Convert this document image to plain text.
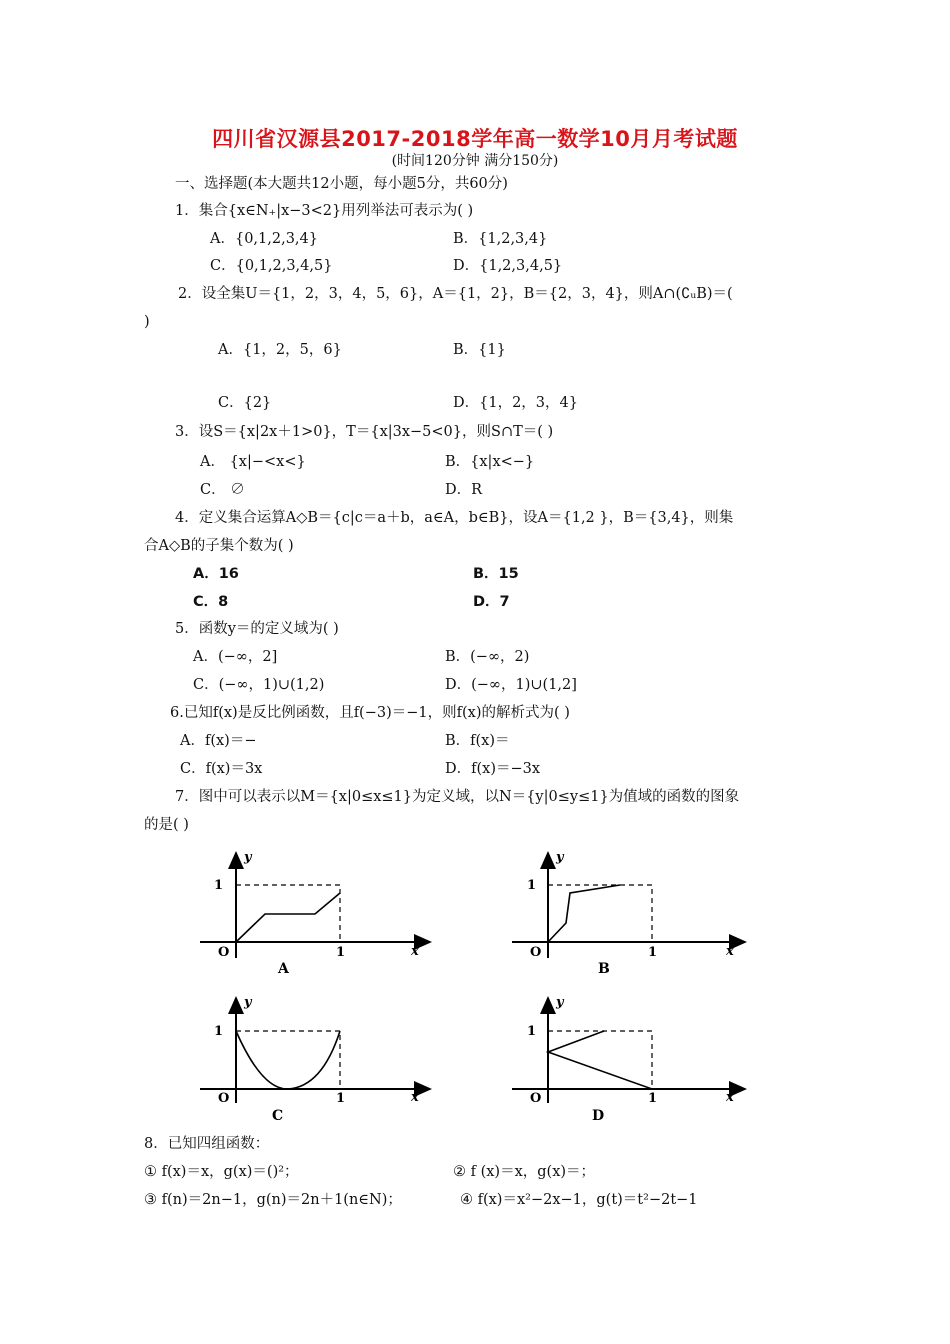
四川省汉源县2017-2018学年高一数学10月月考试题
(时间120分钟 满分150分)
一、选择题(本大题共12小题，每小题5分，共60分)
1．集合{x∈N₊|x−3<2}用列举法可表示为( )
A．{0,1,2,3,4}	B．{1,2,3,4}
C．{0,1,2,3,4,5}	D．{1,2,3,4,5}
2．设全集U＝{1，2，3，4，5，6}，A＝{1，2}，B＝{2，3，4}，则A∩(∁ᵤB)＝(
)
A．{1，2，5，6}	B．{1}
C．{2}	D．{1，2，3，4}
3．设S＝{x|2x＋1>0}，T＝{x|3x−5<0}，则S∩T＝( )
A． {x|−<x<}	B．{x|x<−}
C． ∅	D．R
4．定义集合运算A◇B＝{c|c＝a＋b，a∈A，b∈B}，设A＝{1,2 }，B＝{3,4}，则集
合A◇B的子集个数为( )
A．16	B．15
C．8	D．7
5．函数y＝的定义域为( )
A．(−∞，2]	B．(−∞，2)
C．(−∞，1)∪(1,2)	D．(−∞，1)∪(1,2]
6.已知f(x)是反比例函数，且f(−3)＝−1，则f(x)的解析式为( )
A．f(x)＝−	B．f(x)＝
C．f(x)＝3x	D．f(x)＝−3x
7．图中可以表示以M＝{x|0≤x≤1}为定义域，以N＝{y|0≤y≤1}为值域的函数的图象
的是( )
y
1
O	1	x
A
y
1
O	1	x
B
y
1
O	1	x
C
y
1
O	1	x
D
8．已知四组函数：
① f(x)＝x，g(x)＝()²；	② f (x)＝x，g(x)＝；
③ f(n)＝2n−1，g(n)＝2n＋1(n∈N)；	④ f(x)＝x²−2x−1，g(t)＝t²−2t−1
